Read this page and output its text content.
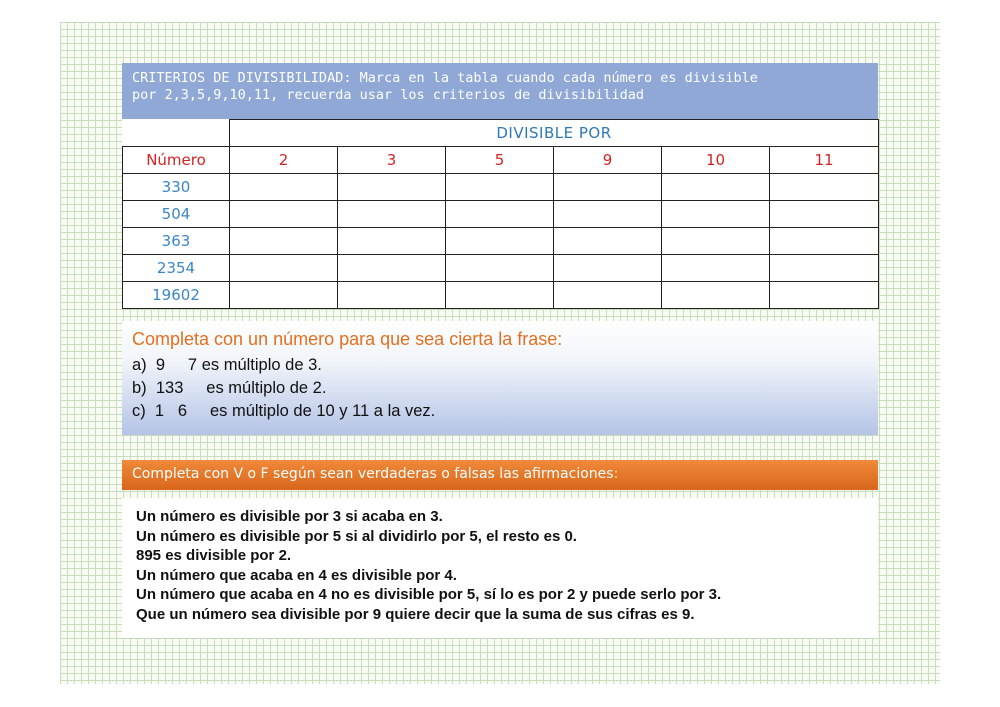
CRITERIOS DE DIVISIBILIDAD: Marca en la tabla cuando cada número es divisible
por 2,3,5,9,10,11, recuerda usar los criterios de divisibilidad
	DIVISIBLE POR					
Número	2	3	5	9	10	11
330						
504						
363						
2354						
19602						
Completa con un número para que sea cierta la frase:
a)  9     7 es múltiplo de 3.
b)  133     es múltiplo de 2.
c)  1   6     es múltiplo de 10 y 11 a la vez.
Completa con V o F según sean verdaderas o falsas las afirmaciones:
Un número es divisible por 3 si acaba en 3.
Un número es divisible por 5 si al dividirlo por 5, el resto es 0.
895 es divisible por 2.
Un número que acaba en 4 es divisible por 4.
Un número que acaba en 4 no es divisible por 5, sí lo es por 2 y puede serlo por 3.
Que un número sea divisible por 9 quiere decir que la suma de sus cifras es 9.
